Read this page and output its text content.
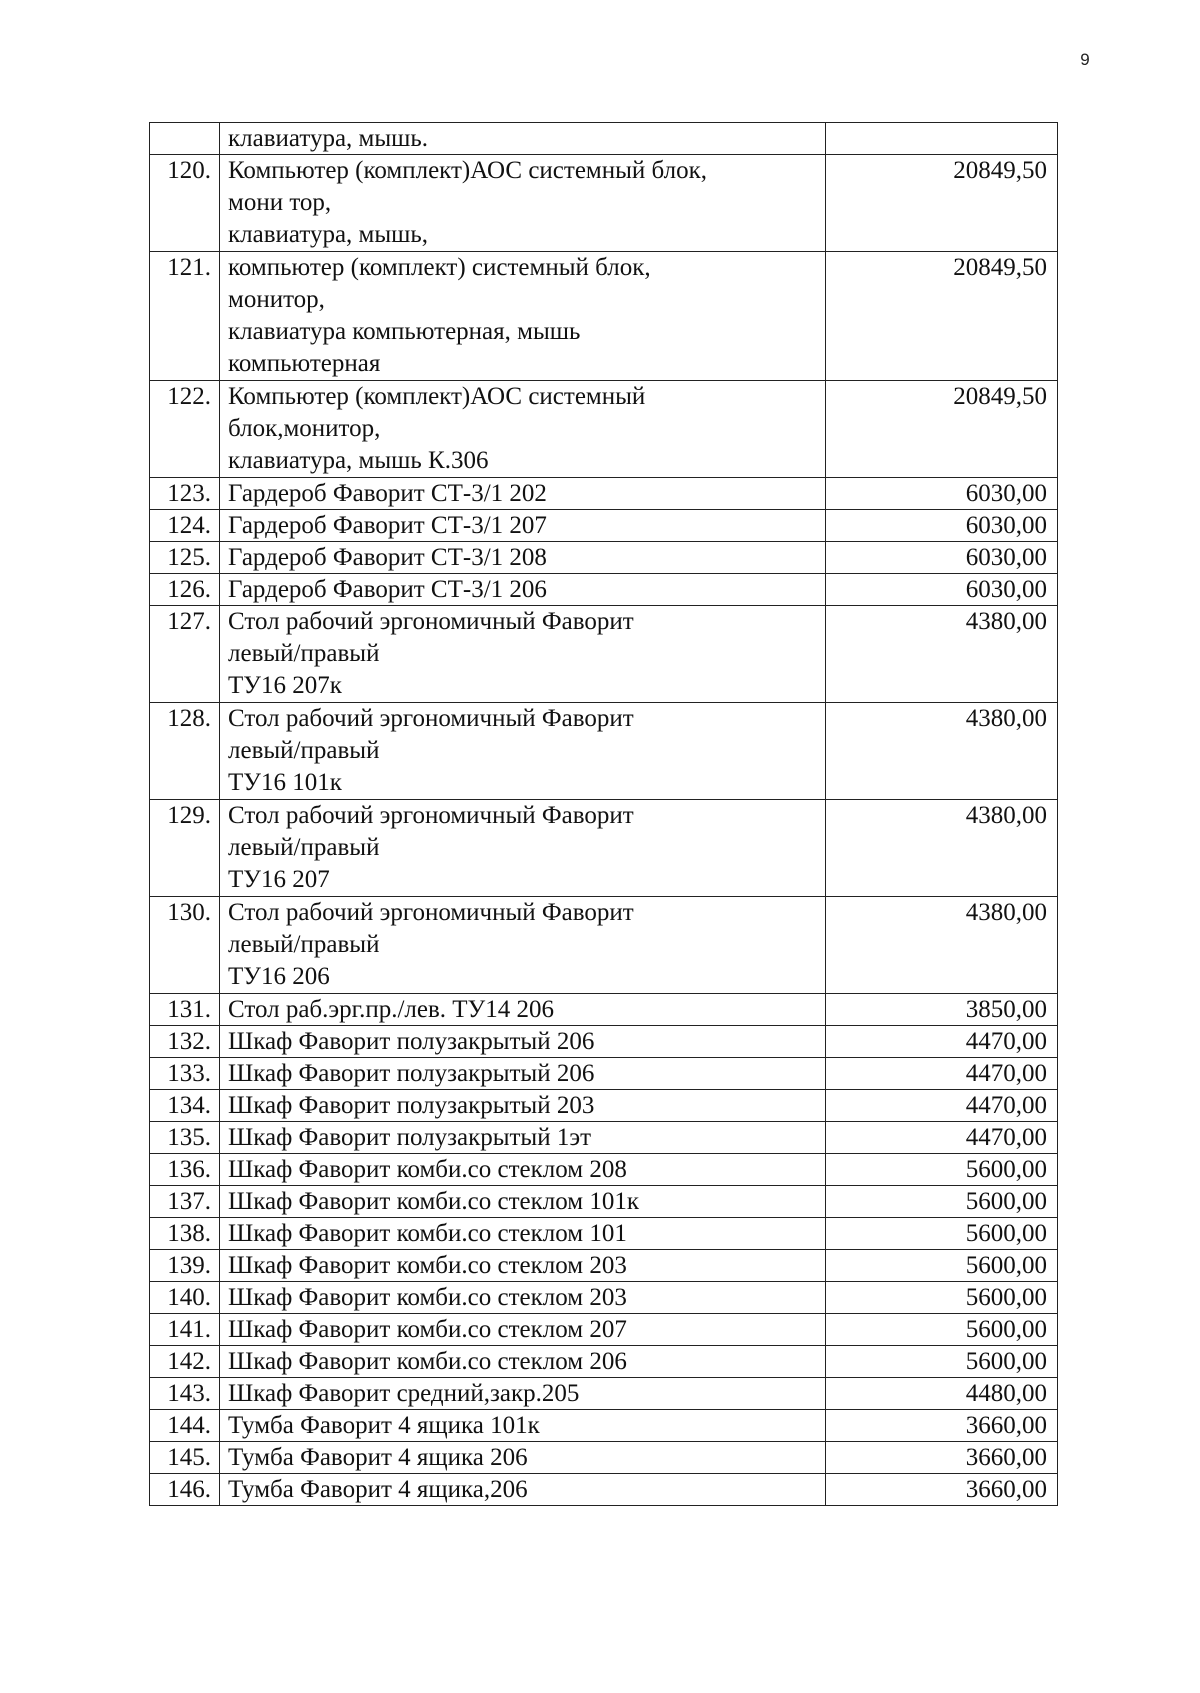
9
	клавиатура, мышь.	
120.	Компьютер (комплект)АОС системный блок,
мони тор,
клавиатура, мышь,	20849,50
121.	компьютер (комплект) системный блок,
монитор,
клавиатура компьютерная, мышь
компьютерная	20849,50
122.	Компьютер (комплект)АОС системный
блок,монитор,
клавиатура, мышь К.306	20849,50
123.	Гардероб Фаворит СТ-3/1 202	6030,00
124.	Гардероб Фаворит СТ-3/1 207	6030,00
125.	Гардероб Фаворит СТ-3/1 208	6030,00
126.	Гардероб Фаворит СТ-3/1 206	6030,00
127.	Стол рабочий эргономичный Фаворит
левый/правый
ТУ16 207к	4380,00
128.	Стол рабочий эргономичный Фаворит
левый/правый
ТУ16 101к	4380,00
129.	Стол рабочий эргономичный Фаворит
левый/правый
ТУ16 207	4380,00
130.	Стол рабочий эргономичный Фаворит
левый/правый
ТУ16 206	4380,00
131.	Стол раб.эрг.пр./лев. ТУ14 206	3850,00
132.	Шкаф Фаворит полузакрытый 206	4470,00
133.	Шкаф Фаворит полузакрытый 206	4470,00
134.	Шкаф Фаворит полузакрытый 203	4470,00
135.	Шкаф Фаворит полузакрытый 1эт	4470,00
136.	Шкаф Фаворит комби.со стеклом 208	5600,00
137.	Шкаф Фаворит комби.со стеклом 101к	5600,00
138.	Шкаф Фаворит комби.со стеклом 101	5600,00
139.	Шкаф Фаворит комби.со стеклом 203	5600,00
140.	Шкаф Фаворит комби.со стеклом 203	5600,00
141.	Шкаф Фаворит комби.со стеклом 207	5600,00
142.	Шкаф Фаворит комби.со стеклом 206	5600,00
143.	Шкаф Фаворит средний,закр.205	4480,00
144.	Тумба Фаворит 4 ящика 101к	3660,00
145.	Тумба Фаворит 4 ящика 206	3660,00
146.	Тумба Фаворит 4 ящика,206	3660,00
